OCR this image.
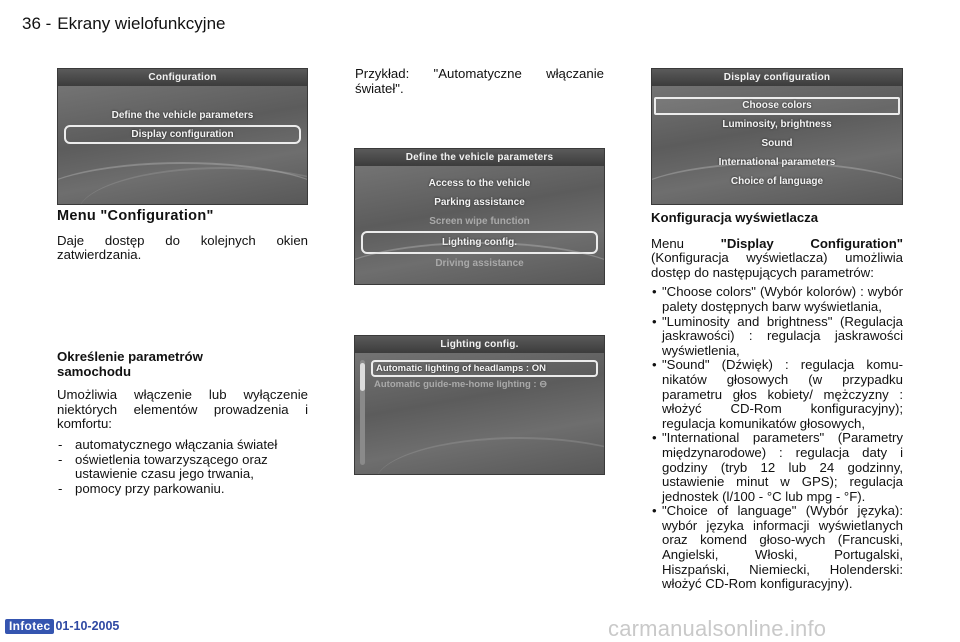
36 - Ekrany wielofunkcyjne
Configuration
Define the vehicle parameters
Display configuration
Define the vehicle parameters
Access to the vehicle
Parking assistance
Screen wipe function
Lighting config.
Driving assistance
Lighting config.
Automatic lighting of headlamps : ON
Automatic guide-me-home lighting : ⊖
Display configuration
Choose colors
Luminosity, brightness
Sound
International parameters
Choice of language
Menu "Configuration"

Daje dostęp do kolejnych okien zatwierdzania.

Określenie parametrów
samochodu

Umożliwia włączenie lub wyłączenie niektórych elementów prowadzenia i komfortu:

- automatycznego włączania świateł
- oświetlenia towarzyszącego oraz ustawienie czasu jego trwania,
- pomocy przy parkowaniu.

Przykład: "Automatyczne włączanie świateł".

Konfiguracja wyświetlacza

Menu "Display Configuration" (Konfiguracja wyświetlacza) umożliwia dostęp do następujących parametrów:

• "Choose colors" (Wybór kolorów) : wybór palety dostępnych barw wyświetlania,
• "Luminosity and brightness" (Regulacja jaskrawości) : regulacja jaskrawości wyświetlenia,
• "Sound" (Dźwięk) : regulacja komu-nikatów głosowych (w przypadku parametru głos kobiety/ mężczyzny : włożyć CD-Rom konfiguracyjny); regulacja komunikatów głosowych,
• "International parameters" (Parametry międzynarodowe) : regulacja daty i godziny (tryb 12 lub 24 godzinny, ustawienie minut w GPS); regulacja jednostek (l/100 - °C lub mpg - °F).
• "Choice of language" (Wybór języka): wybór języka informacji wyświetlanych oraz komend głoso-wych (Francuski, Angielski, Włoski, Portugalski, Hiszpański, Niemiecki, Holenderski: włożyć CD-Rom konfiguracyjny).
Infotec 01-10-2005	carmanualsonline.info
